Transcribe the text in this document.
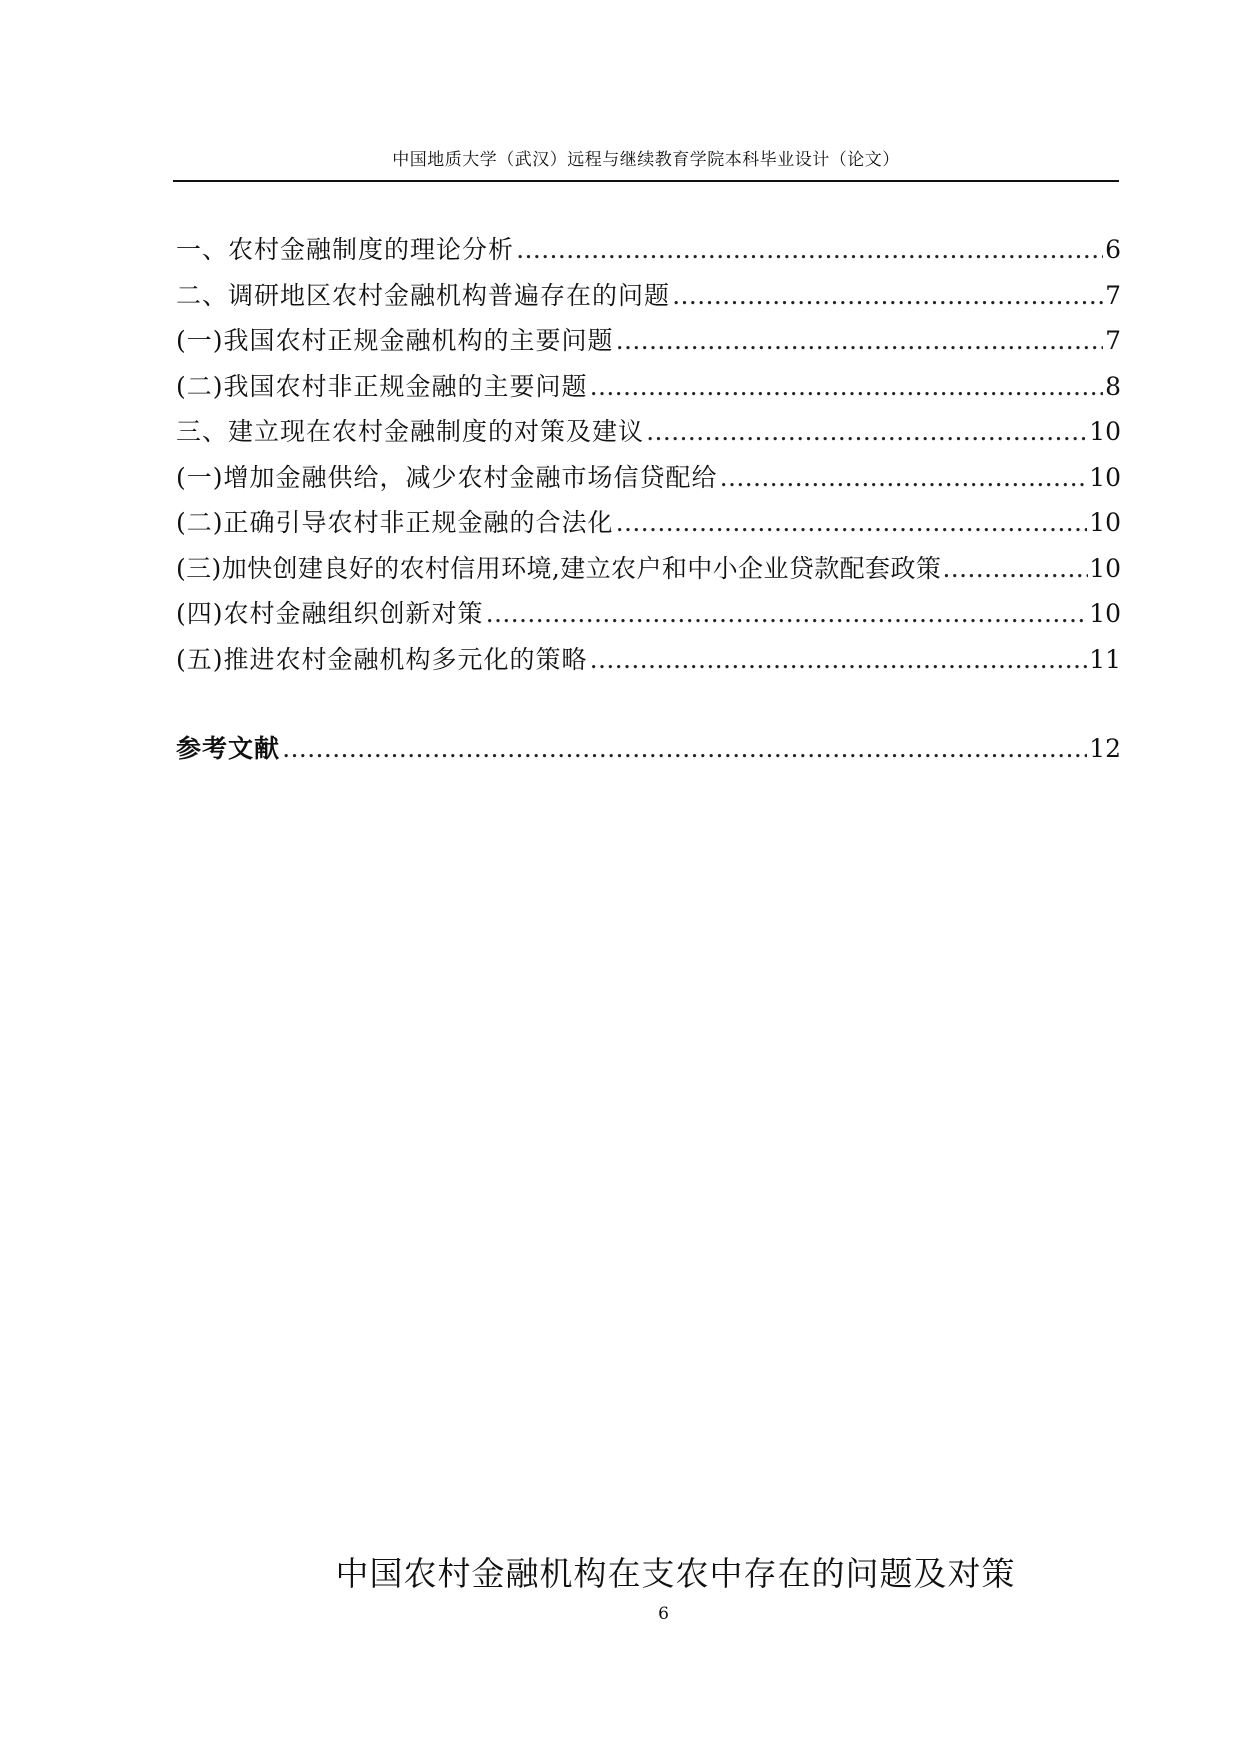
中国地质大学（武汉）远程与继续教育学院本科毕业设计（论文）
一、农村金融制度的理论分析 ………………………………………………………………………………………………………………………………………………………………………………………………	6
二、调研地区农村金融机构普遍存在的问题 ………………………………………………………………………………………………………………………………………………………………………………………………	7
(一)我国农村正规金融机构的主要问题 ………………………………………………………………………………………………………………………………………………………………………………………………	7
(二)我国农村非正规金融的主要问题 ………………………………………………………………………………………………………………………………………………………………………………………………	8
三、建立现在农村金融制度的对策及建议 ………………………………………………………………………………………………………………………………………………………………………………………………	10
(一)增加金融供给，减少农村金融市场信贷配给 ………………………………………………………………………………………………………………………………………………………………………………………………	10
(二)正确引导农村非正规金融的合法化 ………………………………………………………………………………………………………………………………………………………………………………………………	10
(三)加快创建良好的农村信用环境,建立农户和中小企业贷款配套政策 ………………………………………………………………………………………………………………………………………………………………………………………………	10
(四)农村金融组织创新对策 ………………………………………………………………………………………………………………………………………………………………………………………………	10
(五)推进农村金融机构多元化的策略 ………………………………………………………………………………………………………………………………………………………………………………………………	11
参考文献 ………………………………………………………………………………………………………………………………………………………………………………………………	12
中国农村金融机构在支农中存在的问题及对策
6
